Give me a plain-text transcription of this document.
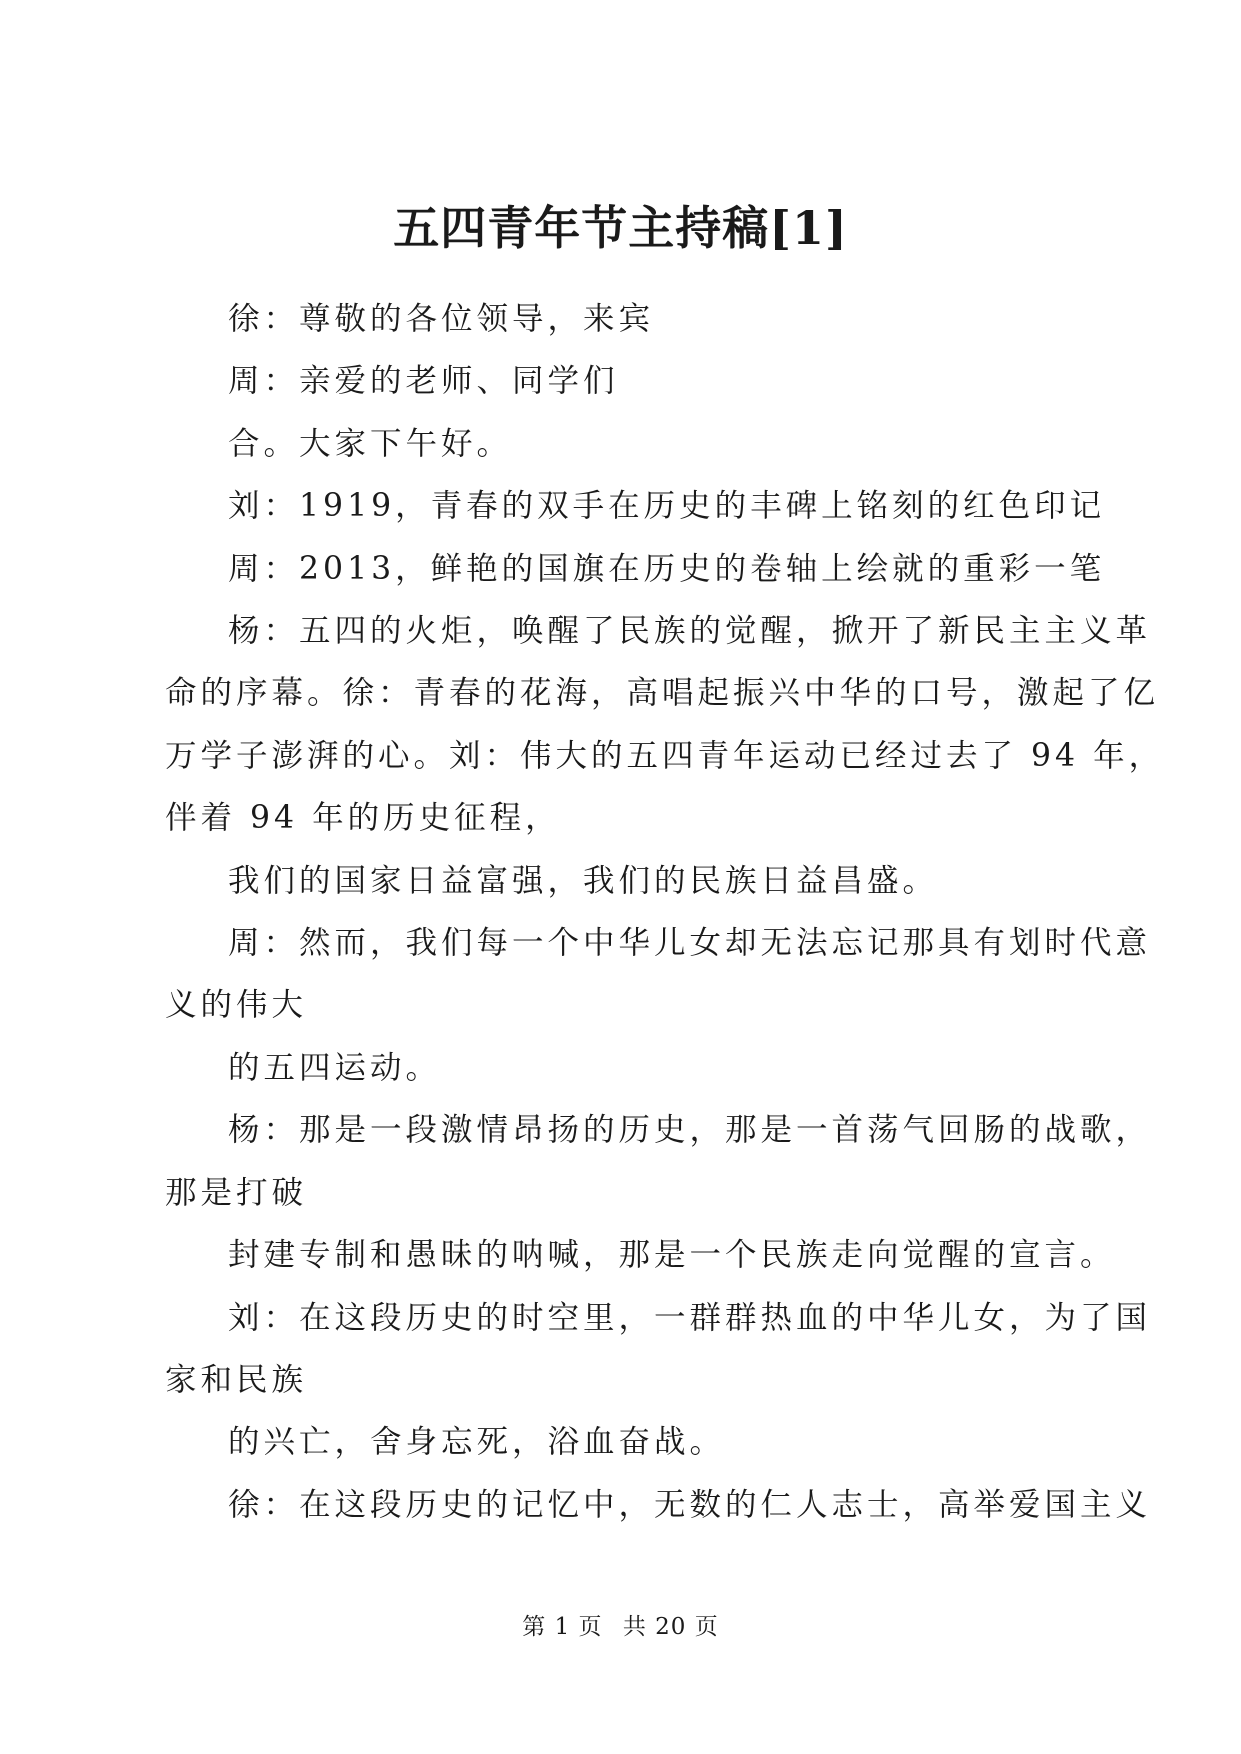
五四青年节主持稿[1]

徐：尊敬的各位领导，来宾

周：亲爱的老师、同学们

合。大家下午好。

刘：1919，青春的双手在历史的丰碑上铭刻的红色印记

周：2013，鲜艳的国旗在历史的卷轴上绘就的重彩一笔

杨：五四的火炬，唤醒了民族的觉醒，掀开了新民主主义革

命的序幕。徐：青春的花海，高唱起振兴中华的口号，激起了亿

万学子澎湃的心。刘：伟大的五四青年运动已经过去了 94 年，

伴着 94 年的历史征程，

我们的国家日益富强，我们的民族日益昌盛。

周：然而，我们每一个中华儿女却无法忘记那具有划时代意

义的伟大

的五四运动。

杨：那是一段激情昂扬的历史，那是一首荡气回肠的战歌，

那是打破

封建专制和愚昧的呐喊，那是一个民族走向觉醒的宣言。

刘：在这段历史的时空里，一群群热血的中华儿女，为了国

家和民族

的兴亡，舍身忘死，浴血奋战。

徐：在这段历史的记忆中，无数的仁人志士，高举爱国主义

第 1 页 共 20 页
